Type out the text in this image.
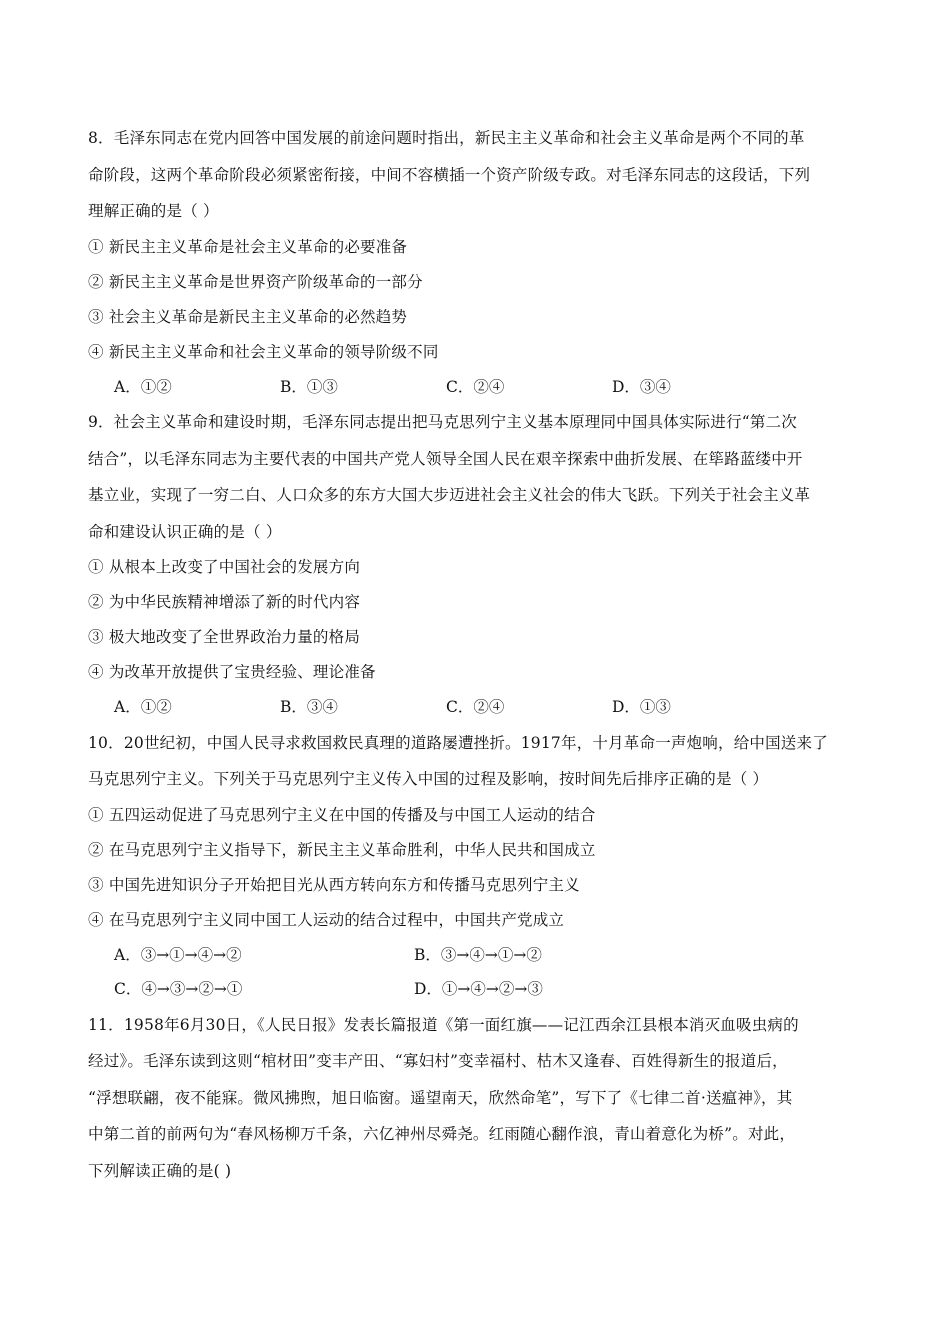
8．毛泽东同志在党内回答中国发展的前途问题时指出，新民主主义革命和社会主义革命是两个不同的革
命阶段，这两个革命阶段必须紧密衔接，中间不容横插一个资产阶级专政。对毛泽东同志的这段话，下列
理解正确的是（ ）
① 新民主主义革命是社会主义革命的必要准备
② 新民主主义革命是世界资产阶级革命的一部分
③ 社会主义革命是新民主主义革命的必然趋势
④ 新民主主义革命和社会主义革命的领导阶级不同
A．①②	B．①③	C．②④	D．③④
9．社会主义革命和建设时期，毛泽东同志提出把马克思列宁主义基本原理同中国具体实际进行“第二次
结合”，以毛泽东同志为主要代表的中国共产党人领导全国人民在艰辛探索中曲折发展、在筚路蓝缕中开
基立业，实现了一穷二白、人口众多的东方大国大步迈进社会主义社会的伟大飞跃。下列关于社会主义革
命和建设认识正确的是（ ）
① 从根本上改变了中国社会的发展方向
② 为中华民族精神增添了新的时代内容
③ 极大地改变了全世界政治力量的格局
④ 为改革开放提供了宝贵经验、理论准备
A．①②	B．③④	C．②④	D．①③
10．20世纪初，中国人民寻求救国救民真理的道路屡遭挫折。1917年，十月革命一声炮响，给中国送来了
马克思列宁主义。下列关于马克思列宁主义传入中国的过程及影响，按时间先后排序正确的是（ ）
① 五四运动促进了马克思列宁主义在中国的传播及与中国工人运动的结合
② 在马克思列宁主义指导下，新民主主义革命胜利，中华人民共和国成立
③ 中国先进知识分子开始把目光从西方转向东方和传播马克思列宁主义
④ 在马克思列宁主义同中国工人运动的结合过程中，中国共产党成立
A．③→①→④→②	B．③→④→①→②
C．④→③→②→①	D．①→④→②→③
11．1958年6月30日，《人民日报》发表长篇报道《第一面红旗——记江西余江县根本消灭血吸虫病的
经过》。毛泽东读到这则“棺材田”变丰产田、“寡妇村”变幸福村、枯木又逢春、百姓得新生的报道后，
“浮想联翩，夜不能寐。微风拂煦，旭日临窗。遥望南天，欣然命笔”，写下了《七律二首·送瘟神》，其
中第二首的前两句为“春风杨柳万千条，六亿神州尽舜尧。红雨随心翻作浪，青山着意化为桥”。对此，
下列解读正确的是( )
